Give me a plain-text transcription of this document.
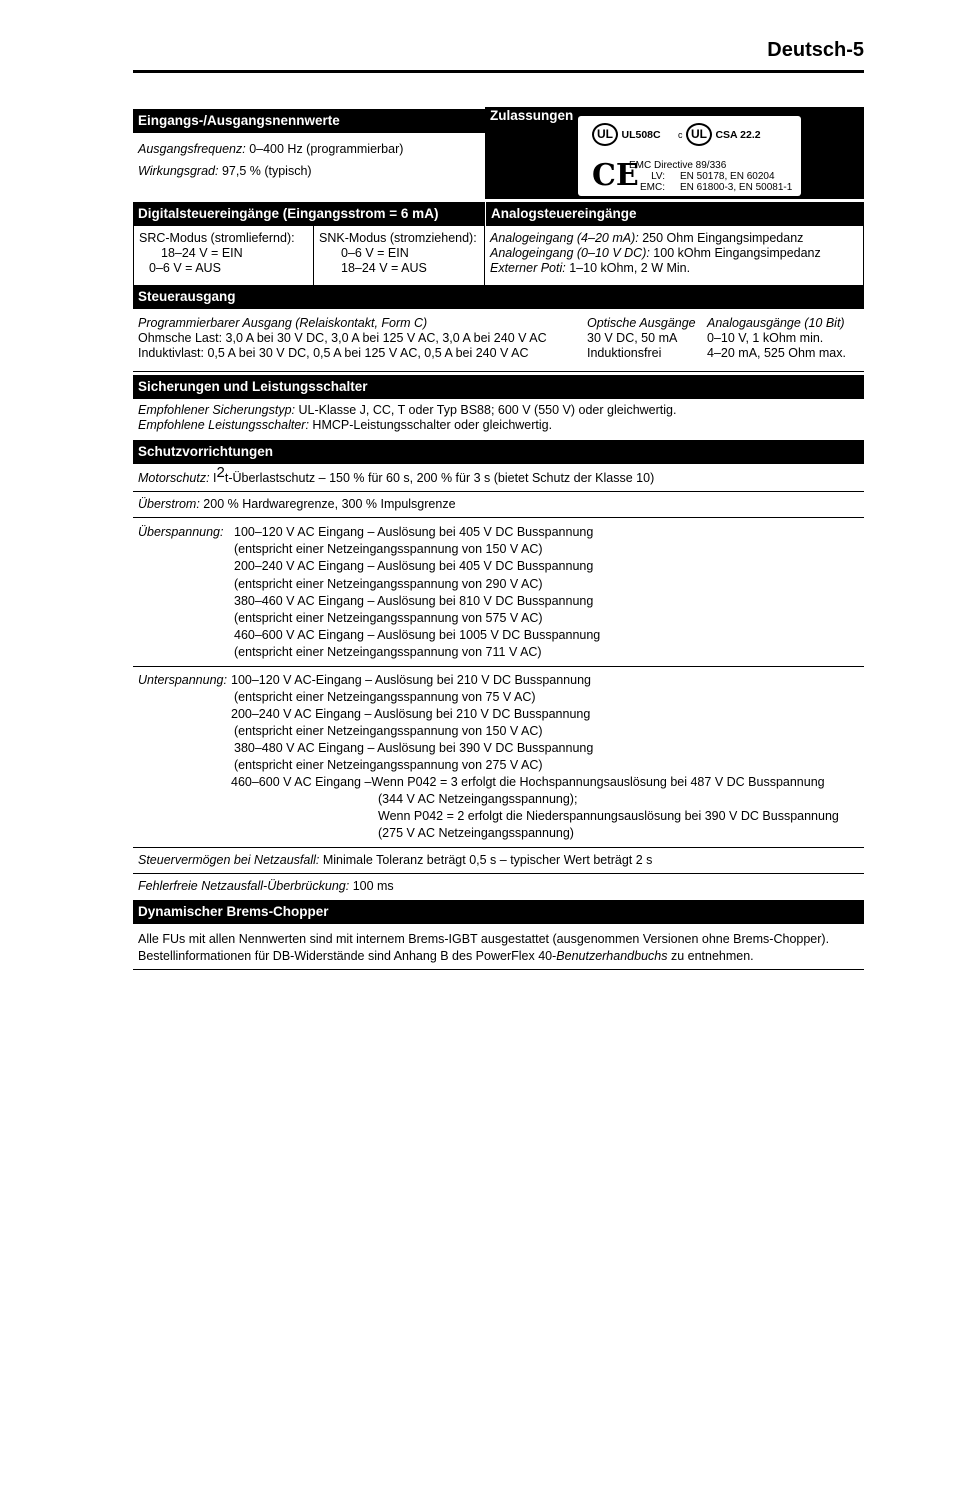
Deutsch-5
Eingangs-/Ausgangsnennwerte
Ausgangsfrequenz: 0–400 Hz (programmierbar)
Wirkungsgrad: 97,5 % (typisch)
Zulassungen
UL UL508C c UL CSA 22.2
CE
EMC Directive 89/336
LV: EN 50178, EN 60204
EMC: EN 61800-3, EN 50081-1
Digitalsteuereingänge (Eingangsstrom = 6 mA)	Analogsteuereingänge
SRC-Modus (stromliefernd):
18–24 V = EIN
0–6 V = AUS
SNK-Modus (stromziehend):
0–6 V = EIN
18–24 V = AUS
Analogeingang (4–20 mA): 250 Ohm Eingangsimpedanz
Analogeingang (0–10 V DC): 100 kOhm Eingangsimpedanz
Externer Poti: 1–10 kOhm, 2 W Min.
Steuerausgang
Programmierbarer Ausgang (Relaiskontakt, Form C)
Ohmsche Last: 3,0 A bei 30 V DC, 3,0 A bei 125 V AC, 3,0 A bei 240 V AC
Induktivlast: 0,5 A bei 30 V DC, 0,5 A bei 125 V AC, 0,5 A bei 240 V AC
Optische Ausgänge
30 V DC, 50 mA
Induktionsfrei
Analogausgänge (10 Bit)
0–10 V, 1 kOhm min.
4–20 mA, 525 Ohm max.
Sicherungen und Leistungsschalter
Empfohlener Sicherungstyp: UL-Klasse J, CC, T oder Typ BS88; 600 V (550 V) oder gleichwertig.
Empfohlene Leistungsschalter: HMCP-Leistungsschalter oder gleichwertig.
Schutzvorrichtungen
Motorschutz: $I^2t$-Überlastschutz – 150 % für 60 s, 200 % für 3 s (bietet Schutz der Klasse 10)
Überstrom: 200 % Hardwaregrenze, 300 % Impulsgrenze
Überspannung: 100–120 V AC Eingang – Auslösung bei 405 V DC Busspannung
(entspricht einer Netzeingangsspannung von 150 V AC)
200–240 V AC Eingang – Auslösung bei 405 V DC Busspannung
(entspricht einer Netzeingangsspannung von 290 V AC)
380–460 V AC Eingang – Auslösung bei 810 V DC Busspannung
(entspricht einer Netzeingangsspannung von 575 V AC)
460–600 V AC Eingang – Auslösung bei 1005 V DC Busspannung
(entspricht einer Netzeingangsspannung von 711 V AC)
Unterspannung: 100–120 V AC-Eingang – Auslösung bei 210 V DC Busspannung
(entspricht einer Netzeingangsspannung von 75 V AC)
200–240 V AC Eingang – Auslösung bei 210 V DC Busspannung
(entspricht einer Netzeingangsspannung von 150 V AC)
380–480 V AC Eingang – Auslösung bei 390 V DC Busspannung
(entspricht einer Netzeingangsspannung von 275 V AC)
460–600 V AC Eingang –Wenn P042 = 3 erfolgt die Hochspannungsauslösung bei 487 V DC Busspannung
(344 V AC Netzeingangsspannung);
Wenn P042 = 2 erfolgt die Niederspannungsauslösung bei 390 V DC Busspannung
(275 V AC Netzeingangsspannung)
Steuervermögen bei Netzausfall: Minimale Toleranz beträgt 0,5 s – typischer Wert beträgt 2 s
Fehlerfreie Netzausfall-Überbrückung: 100 ms
Dynamischer Brems-Chopper
Alle FUs mit allen Nennwerten sind mit internem Brems-IGBT ausgestattet (ausgenommen Versionen ohne Brems-Chopper).
Bestellinformationen für DB-Widerstände sind Anhang B des PowerFlex 40-Benutzerhandbuchs zu entnehmen.
